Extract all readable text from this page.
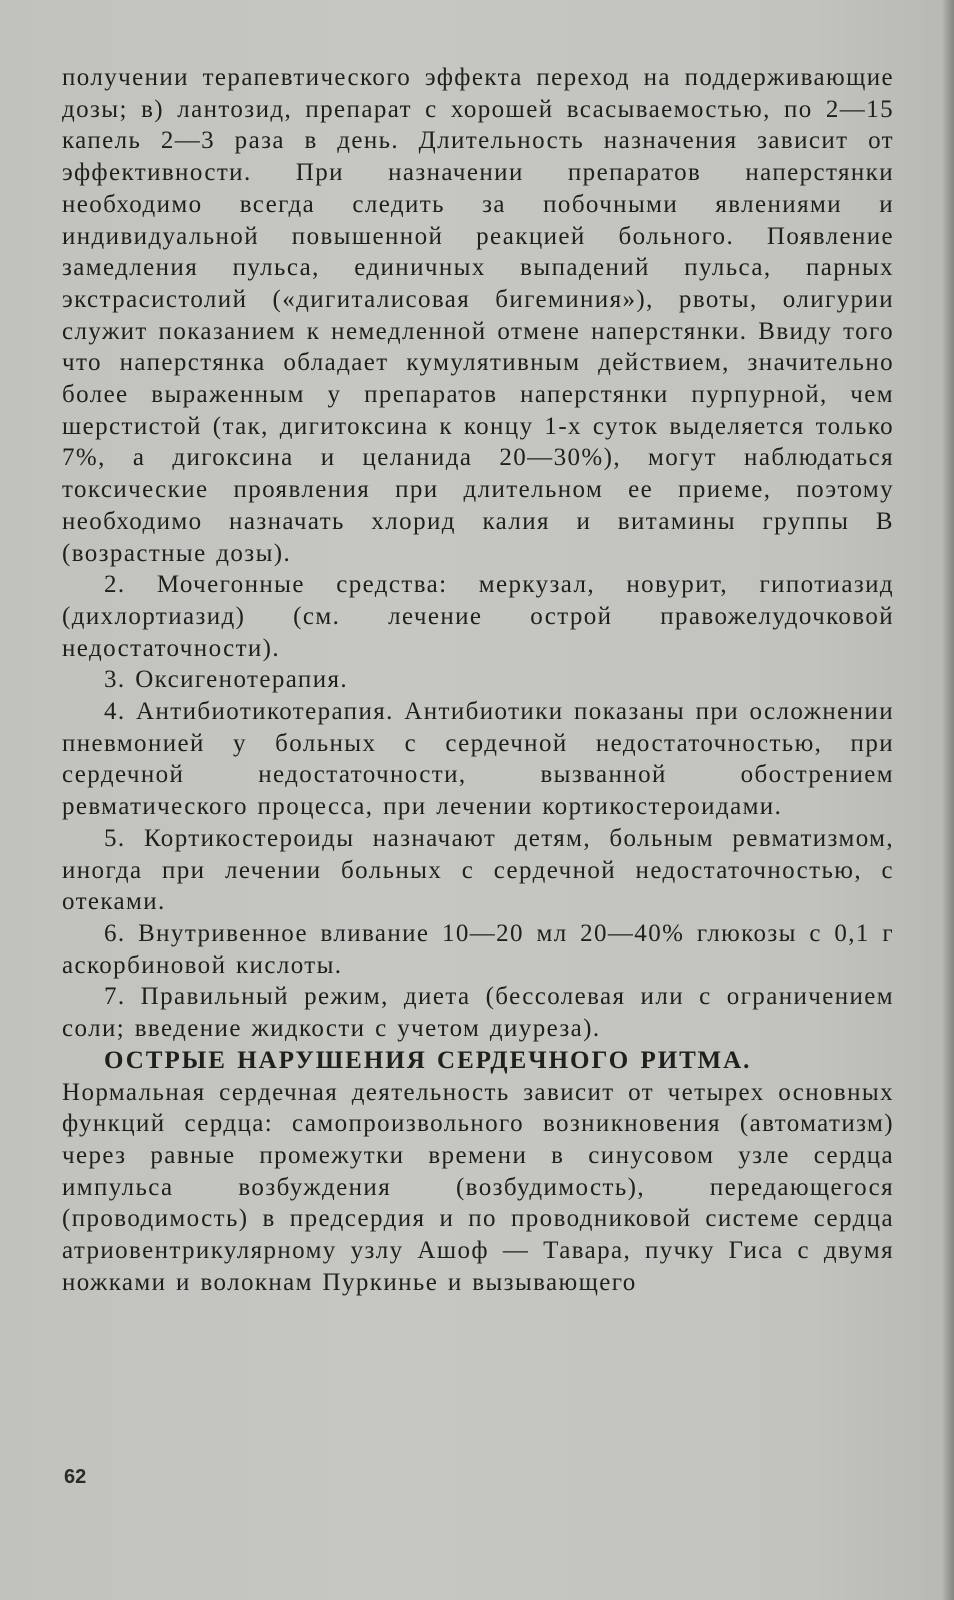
получении терапевтического эффекта переход на поддерживающие дозы; в) лантозид, препарат с хорошей всасываемостью, по 2—15 капель 2—3 раза в день. Длительность назначения зависит от эффективности. При назначении препаратов наперстянки необходимо всегда следить за побочными явлениями и индивидуальной повышенной реакцией больного. Появление замедления пульса, единичных выпадений пульса, парных экстрасистолий («дигиталисовая бигеминия»), рвоты, олигурии служит показанием к немедленной отмене наперстянки. Ввиду того что наперстянка обладает кумулятивным действием, значительно более выраженным у препаратов наперстянки пурпурной, чем шерстистой (так, дигитоксина к концу 1-х суток выделяется только 7%, а дигоксина и целанида 20—30%), могут наблюдаться токсические проявления при длительном ее приеме, поэтому необходимо назначать хлорид калия и витамины группы В (возрастные дозы).

2. Мочегонные средства: меркузал, новурит, гипотиазид (дихлортиазид) (см. лечение острой правожелудочковой недостаточности).

3. Оксигенотерапия.

4. Антибиотикотерапия. Антибиотики показаны при осложнении пневмонией у больных с сердечной недостаточностью, при сердечной недостаточности, вызванной обострением ревматического процесса, при лечении кортикостероидами.

5. Кортикостероиды назначают детям, больным ревматизмом, иногда при лечении больных с сердечной недостаточностью, с отеками.

6. Внутривенное вливание 10—20 мл 20—40% глюкозы с 0,1 г аскорбиновой кислоты.

7. Правильный режим, диета (бессолевая или с ограничением соли; введение жидкости с учетом диуреза).

ОСТРЫЕ НАРУШЕНИЯ СЕРДЕЧНОГО РИТМА.

Нормальная сердечная деятельность зависит от четырех основных функций сердца: самопроизвольного возникновения (автоматизм) через равные промежутки времени в синусовом узле сердца импульса возбуждения (возбудимость), передающегося (проводимость) в предсердия и по проводниковой системе сердца атриовентрикулярному узлу Ашоф — Тавара, пучку Гиса с двумя ножками и волокнам Пуркинье и вызывающего

62
